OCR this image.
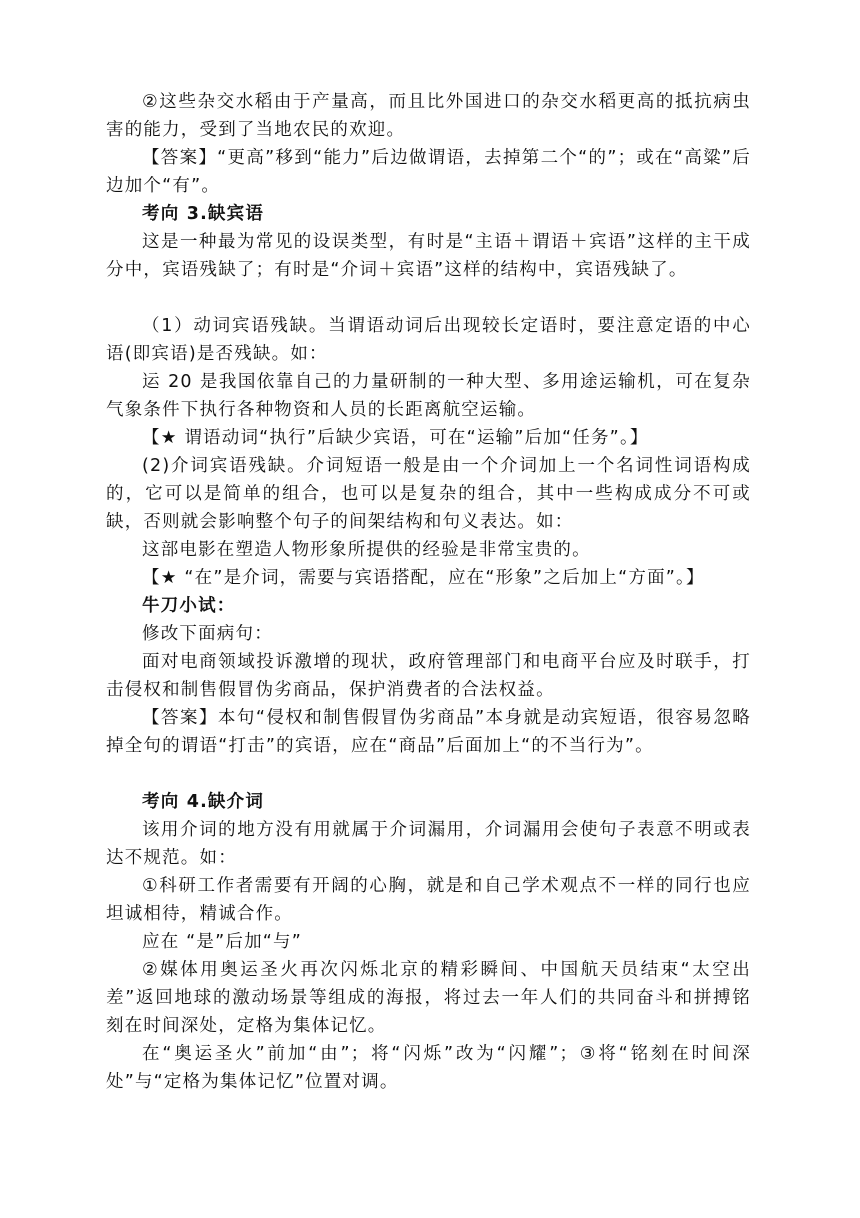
②这些杂交水稻由于产量高，而且比外国进口的杂交水稻更高的抵抗病虫害的能力，受到了当地农民的欢迎。

【答案】“更高”移到“能力”后边做谓语，去掉第二个“的”；或在“高粱”后边加个“有”。

考向 3.缺宾语

这是一种最为常见的设误类型，有时是“主语＋谓语＋宾语”这样的主干成分中，宾语残缺了；有时是“介词＋宾语”这样的结构中，宾语残缺了。

（1）动词宾语残缺。当谓语动词后出现较长定语时，要注意定语的中心语(即宾语)是否残缺。如：

运 20 是我国依靠自己的力量研制的一种大型、多用途运输机，可在复杂气象条件下执行各种物资和人员的长距离航空运输。

【★ 谓语动词“执行”后缺少宾语，可在“运输”后加“任务”。】

(2)介词宾语残缺。介词短语一般是由一个介词加上一个名词性词语构成的，它可以是简单的组合，也可以是复杂的组合，其中一些构成成分不可或缺，否则就会影响整个句子的间架结构和句义表达。如：

这部电影在塑造人物形象所提供的经验是非常宝贵的。

【★ “在”是介词，需要与宾语搭配，应在“形象”之后加上“方面”。】

牛刀小试：

修改下面病句：

面对电商领域投诉激增的现状，政府管理部门和电商平台应及时联手，打击侵权和制售假冒伪劣商品，保护消费者的合法权益。

【答案】本句“侵权和制售假冒伪劣商品”本身就是动宾短语，很容易忽略掉全句的谓语“打击”的宾语，应在“商品”后面加上“的不当行为”。

考向 4.缺介词

该用介词的地方没有用就属于介词漏用，介词漏用会使句子表意不明或表达不规范。如：

①科研工作者需要有开阔的心胸，就是和自己学术观点不一样的同行也应坦诚相待，精诚合作。

应在 “是”后加“与”

②媒体用奥运圣火再次闪烁北京的精彩瞬间、中国航天员结束“太空出差”返回地球的激动场景等组成的海报，将过去一年人们的共同奋斗和拼搏铭刻在时间深处，定格为集体记忆。

在“奥运圣火”前加“由”；将“闪烁”改为“闪耀”；③将“铭刻在时间深处”与“定格为集体记忆”位置对调。
